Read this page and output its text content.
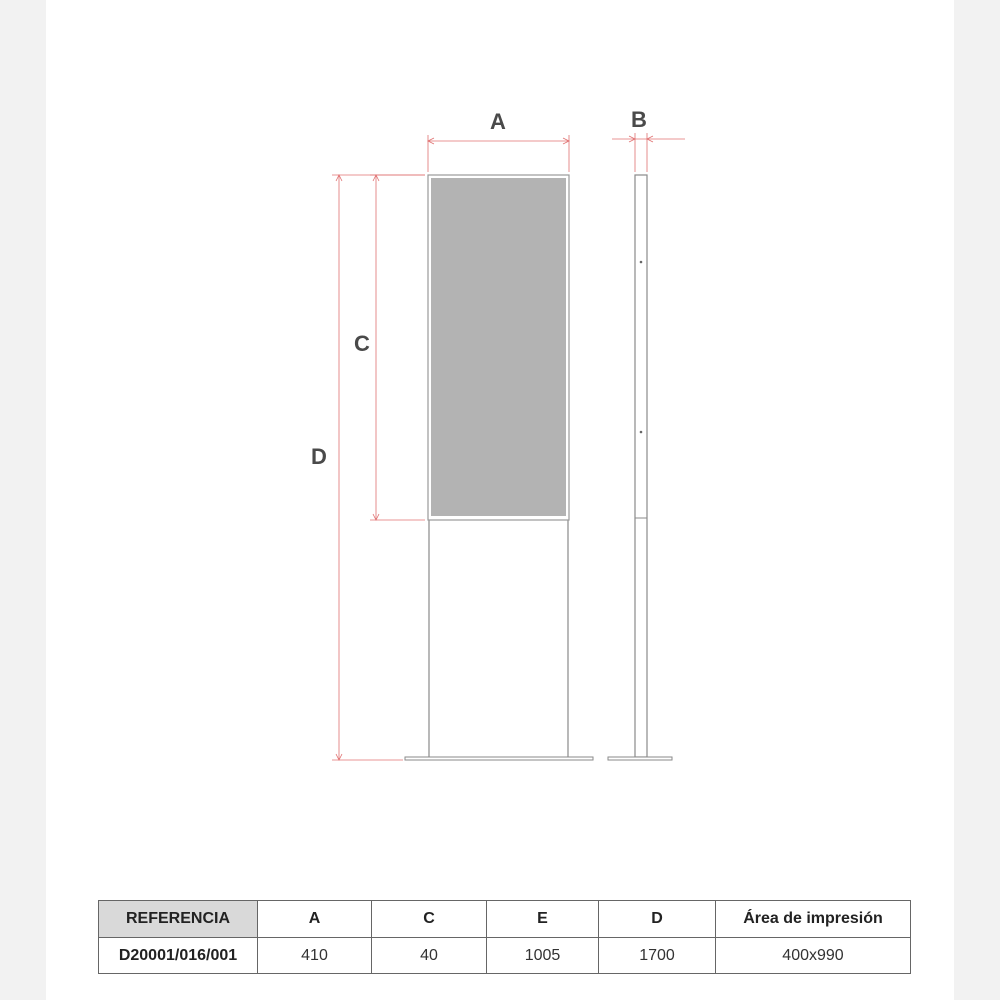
A	B
C
D
REFERENCIA	A	C	E	D	Área de impresión
D20001/016/001	410	40	1005	1700	400x990
